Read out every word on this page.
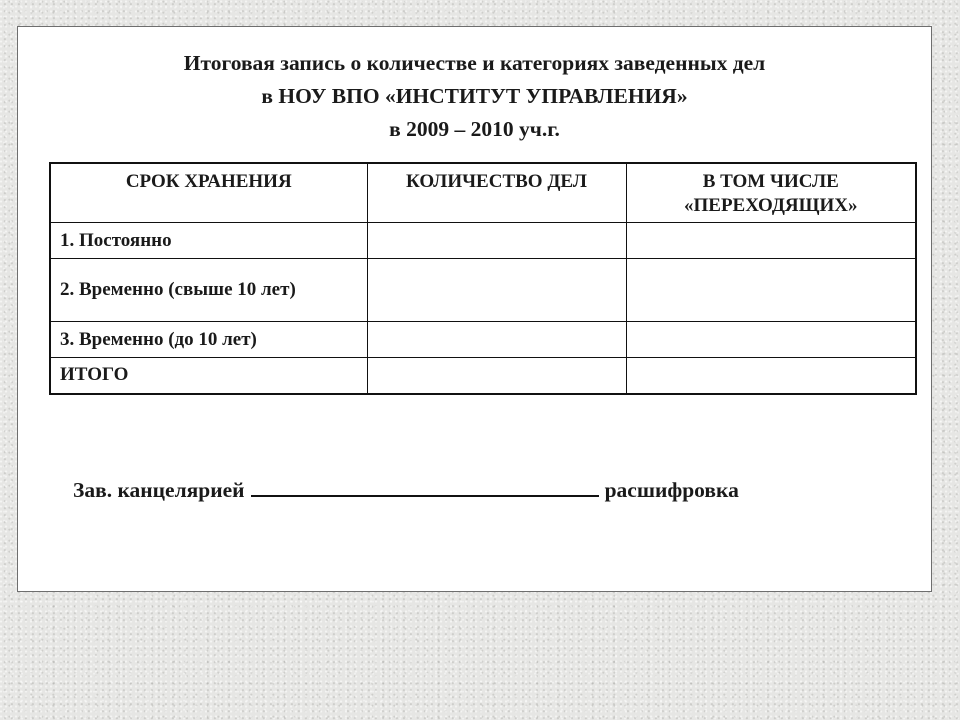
Итоговая запись о количестве и категориях заведенных дел
в НОУ ВПО «ИНСТИТУТ УПРАВЛЕНИЯ»
в 2009 – 2010 уч.г.
СРОК ХРАНЕНИЯ	КОЛИЧЕСТВО ДЕЛ	В ТОМ ЧИСЛЕ «ПЕРЕХОДЯЩИХ»
1. Постоянно		
2. Временно (свыше 10 лет)		
3. Временно (до 10 лет)		
ИТОГО		
Зав. канцелярией	расшифровка
